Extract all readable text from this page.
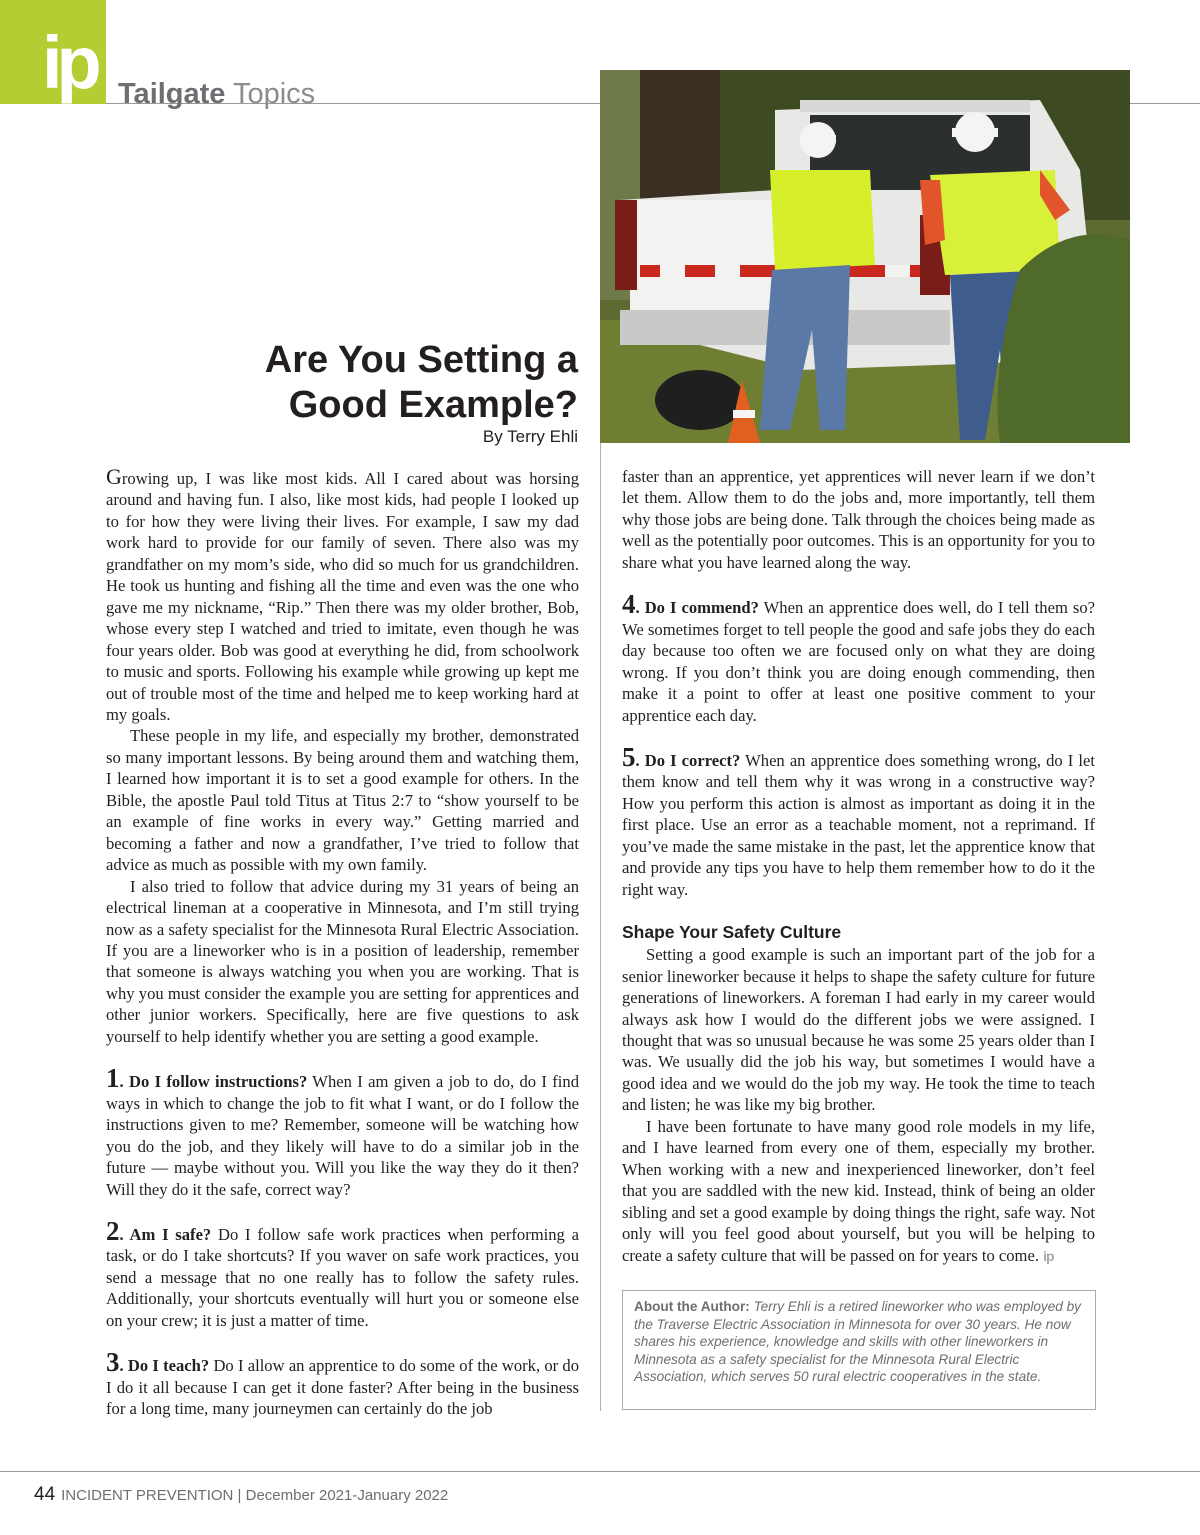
ip Tailgate Topics
Are You Setting a
Good Example?
By Terry Ehli

Growing up, I was like most kids. All I cared about was horsing around and having fun. I also, like most kids, had people I looked up to for how they were living their lives. For example, I saw my dad work hard to provide for our family of seven. There also was my grandfather on my mom’s side, who did so much for us grandchildren. He took us hunting and fishing all the time and even was the one who gave me my nickname, “Rip.” Then there was my older brother, Bob, whose every step I watched and tried to imitate, even though he was four years older. Bob was good at everything he did, from schoolwork to music and sports. Following his example while growing up kept me out of trouble most of the time and helped me to keep working hard at my goals.

These people in my life, and especially my brother, demonstrated so many important lessons. By being around them and watching them, I learned how important it is to set a good example for others. In the Bible, the apostle Paul told Titus at Titus 2:7 to “show yourself to be an example of fine works in every way.” Getting married and becoming a father and now a grandfather, I’ve tried to follow that advice as much as possible with my own family.

I also tried to follow that advice during my 31 years of being an electrical lineman at a cooperative in Minnesota, and I’m still trying now as a safety specialist for the Minnesota Rural Electric Association. If you are a lineworker who is in a position of leadership, remember that someone is always watching you when you are working. That is why you must consider the example you are setting for apprentices and other junior workers. Specifically, here are five questions to ask yourself to help identify whether you are setting a good example.

1. Do I follow instructions? When I am given a job to do, do I find ways in which to change the job to fit what I want, or do I follow the instructions given to me? Remember, someone will be watching how you do the job, and they likely will have to do a similar job in the future — maybe without you. Will you like the way they do it then? Will they do it the safe, correct way?

2. Am I safe? Do I follow safe work practices when performing a task, or do I take shortcuts? If you waver on safe work practices, you send a message that no one really has to follow the safety rules. Additionally, your shortcuts eventually will hurt you or someone else on your crew; it is just a matter of time.

3. Do I teach? Do I allow an apprentice to do some of the work, or do I do it all because I can get it done faster? After being in the business for a long time, many journeymen can certainly do the job

faster than an apprentice, yet apprentices will never learn if we don’t let them. Allow them to do the jobs and, more importantly, tell them why those jobs are being done. Talk through the choices being made as well as the potentially poor outcomes. This is an opportunity for you to share what you have learned along the way.

4. Do I commend? When an apprentice does well, do I tell them so? We sometimes forget to tell people the good and safe jobs they do each day because too often we are focused only on what they are doing wrong. If you don’t think you are doing enough commending, then make it a point to offer at least one positive comment to your apprentice each day.

5. Do I correct? When an apprentice does something wrong, do I let them know and tell them why it was wrong in a constructive way? How you perform this action is almost as important as doing it in the first place. Use an error as a teachable moment, not a reprimand. If you’ve made the same mistake in the past, let the apprentice know that and provide any tips you have to help them remember how to do it the right way.

Shape Your Safety Culture

Setting a good example is such an important part of the job for a senior lineworker because it helps to shape the safety culture for future generations of lineworkers. A foreman I had early in my career would always ask how I would do the different jobs we were assigned. I thought that was so unusual because he was some 25 years older than I was. We usually did the job his way, but sometimes I would have a good idea and we would do the job my way. He took the time to teach and listen; he was like my big brother.

I have been fortunate to have many good role models in my life, and I have learned from every one of them, especially my brother. When working with a new and inexperienced lineworker, don’t feel that you are saddled with the new kid. Instead, think of being an older sibling and set a good example by doing things the right, safe way. Not only will you feel good about yourself, but you will be helping to create a safety culture that will be passed on for years to come. ip

About the Author: Terry Ehli is a retired lineworker who was employed by the Traverse Electric Association in Minnesota for over 30 years. He now shares his experience, knowledge and skills with other lineworkers in Minnesota as a safety specialist for the Minnesota Rural Electric Association, which serves 50 rural electric cooperatives in the state.
44 INCIDENT PREVENTION | December 2021-January 2022
